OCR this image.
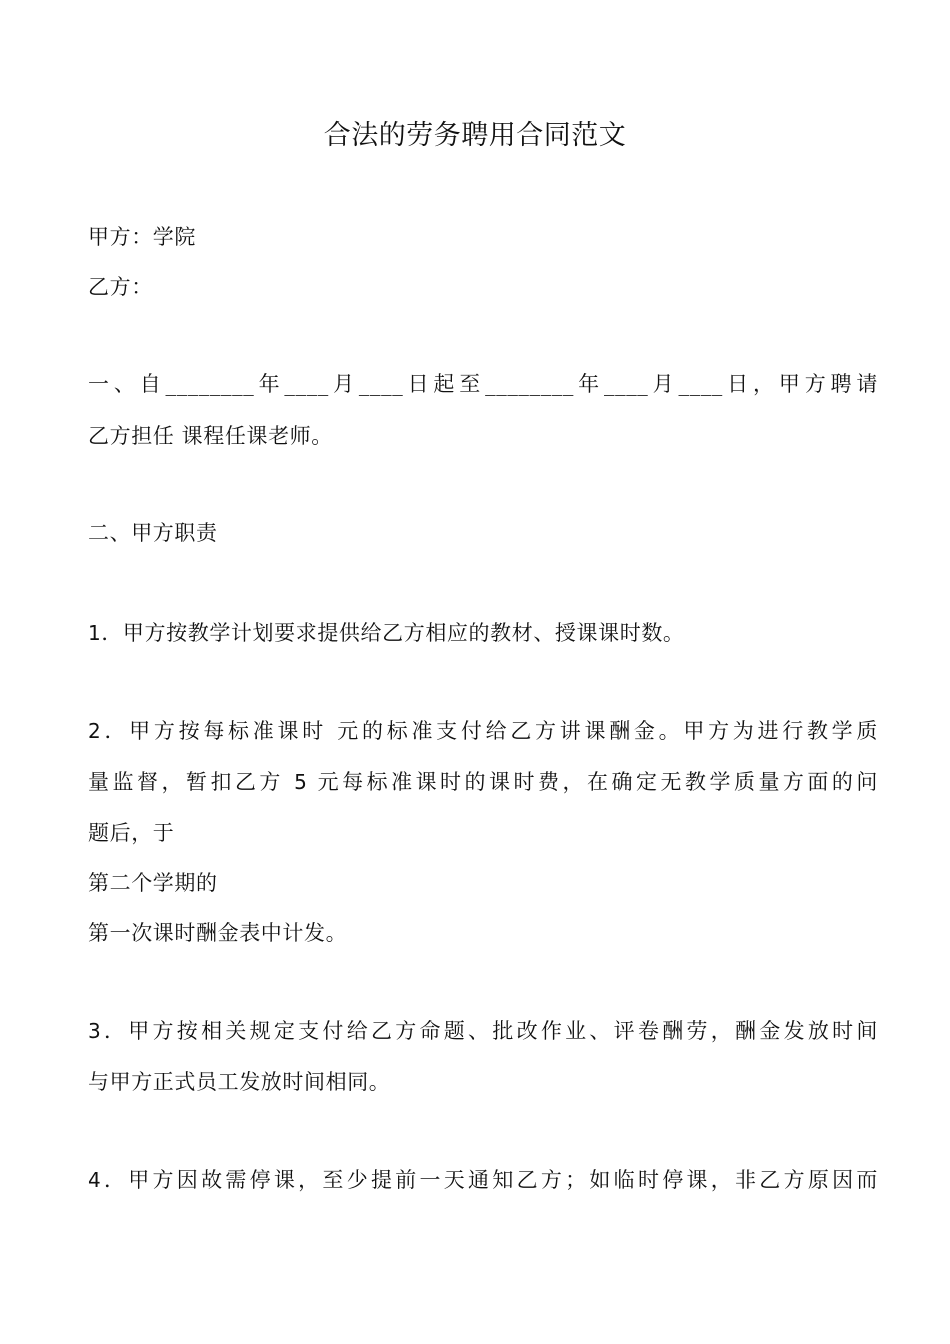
合法的劳务聘用合同范文
甲方：学院
乙方：
一、自________年____月____日起至________年____月____日，甲方聘请
乙方担任 课程任课老师。
二、甲方职责
1．甲方按教学计划要求提供给乙方相应的教材、授课课时数。
2．甲方按每标准课时 元的标准支付给乙方讲课酬金。甲方为进行教学质
量监督，暂扣乙方 5 元每标准课时的课时费，在确定无教学质量方面的问
题后，于
第二个学期的
第一次课时酬金表中计发。
3．甲方按相关规定支付给乙方命题、批改作业、评卷酬劳，酬金发放时间
与甲方正式员工发放时间相同。
4．甲方因故需停课，至少提前一天通知乙方；如临时停课，非乙方原因而
